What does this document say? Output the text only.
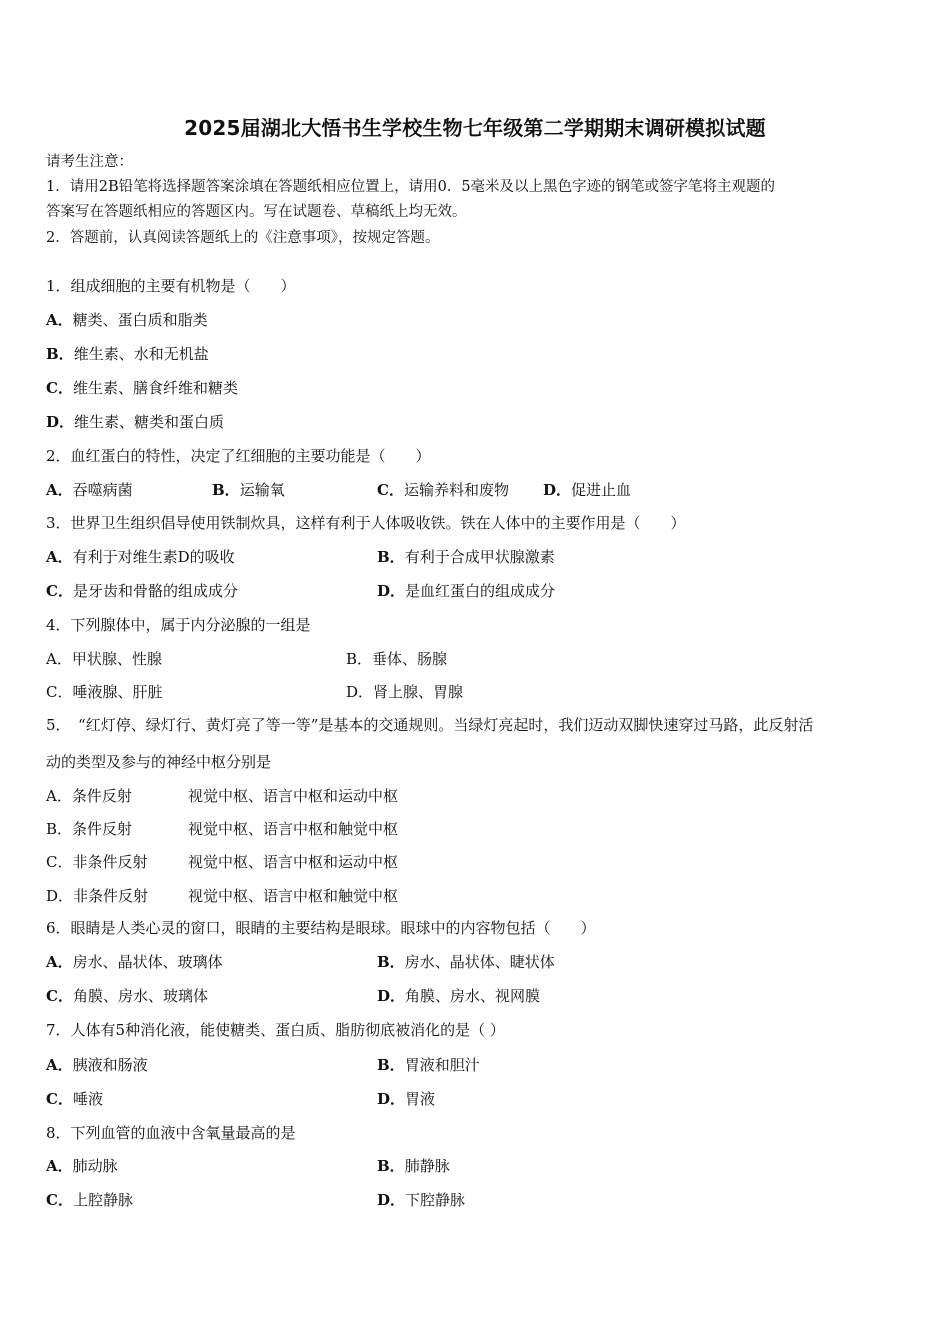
2025届湖北大悟书生学校生物七年级第二学期期末调研模拟试题
请考生注意：
1．请用2B铅笔将选择题答案涂填在答题纸相应位置上，请用0．5毫米及以上黑色字迹的钢笔或签字笔将主观题的
答案写在答题纸相应的答题区内。写在试题卷、草稿纸上均无效。
2．答题前，认真阅读答题纸上的《注意事项》，按规定答题。
1．组成细胞的主要有机物是（　　）
A．糖类、蛋白质和脂类
B．维生素、水和无机盐
C．维生素、膳食纤维和糖类
D．维生素、糖类和蛋白质
2．血红蛋白的特性，决定了红细胞的主要功能是（　　）
A．吞噬病菌	B．运输氧	C．运输养料和废物 D．促进止血
3．世界卫生组织倡导使用铁制炊具，这样有利于人体吸收铁。铁在人体中的主要作用是（　　）
A．有利于对维生素D的吸收	B．有利于合成甲状腺激素
C．是牙齿和骨骼的组成成分	D．是血红蛋白的组成成分
4．下列腺体中，属于内分泌腺的一组是
A．甲状腺、性腺	B．垂体、肠腺
C．唾液腺、肝脏	D．肾上腺、胃腺
5．　“红灯停、绿灯行、黄灯亮了等一等”是基本的交通规则。当绿灯亮起时，我们迈动双脚快速穿过马路，此反射活
动的类型及参与的神经中枢分别是
A．条件反射	视觉中枢、语言中枢和运动中枢
B．条件反射	视觉中枢、语言中枢和触觉中枢
C．非条件反射	视觉中枢、语言中枢和运动中枢
D．非条件反射	视觉中枢、语言中枢和触觉中枢
6．眼睛是人类心灵的窗口，眼睛的主要结构是眼球。眼球中的内容物包括（　　）
A．房水、晶状体、玻璃体	B．房水、晶状体、睫状体
C．角膜、房水、玻璃体	D．角膜、房水、视网膜
7．人体有5种消化液，能使糖类、蛋白质、脂肪彻底被消化的是（ ）
A．胰液和肠液	B．胃液和胆汁
C．唾液	D．胃液
8．下列血管的血液中含氧量最高的是
A．肺动脉	B．肺静脉
C．上腔静脉	D．下腔静脉
